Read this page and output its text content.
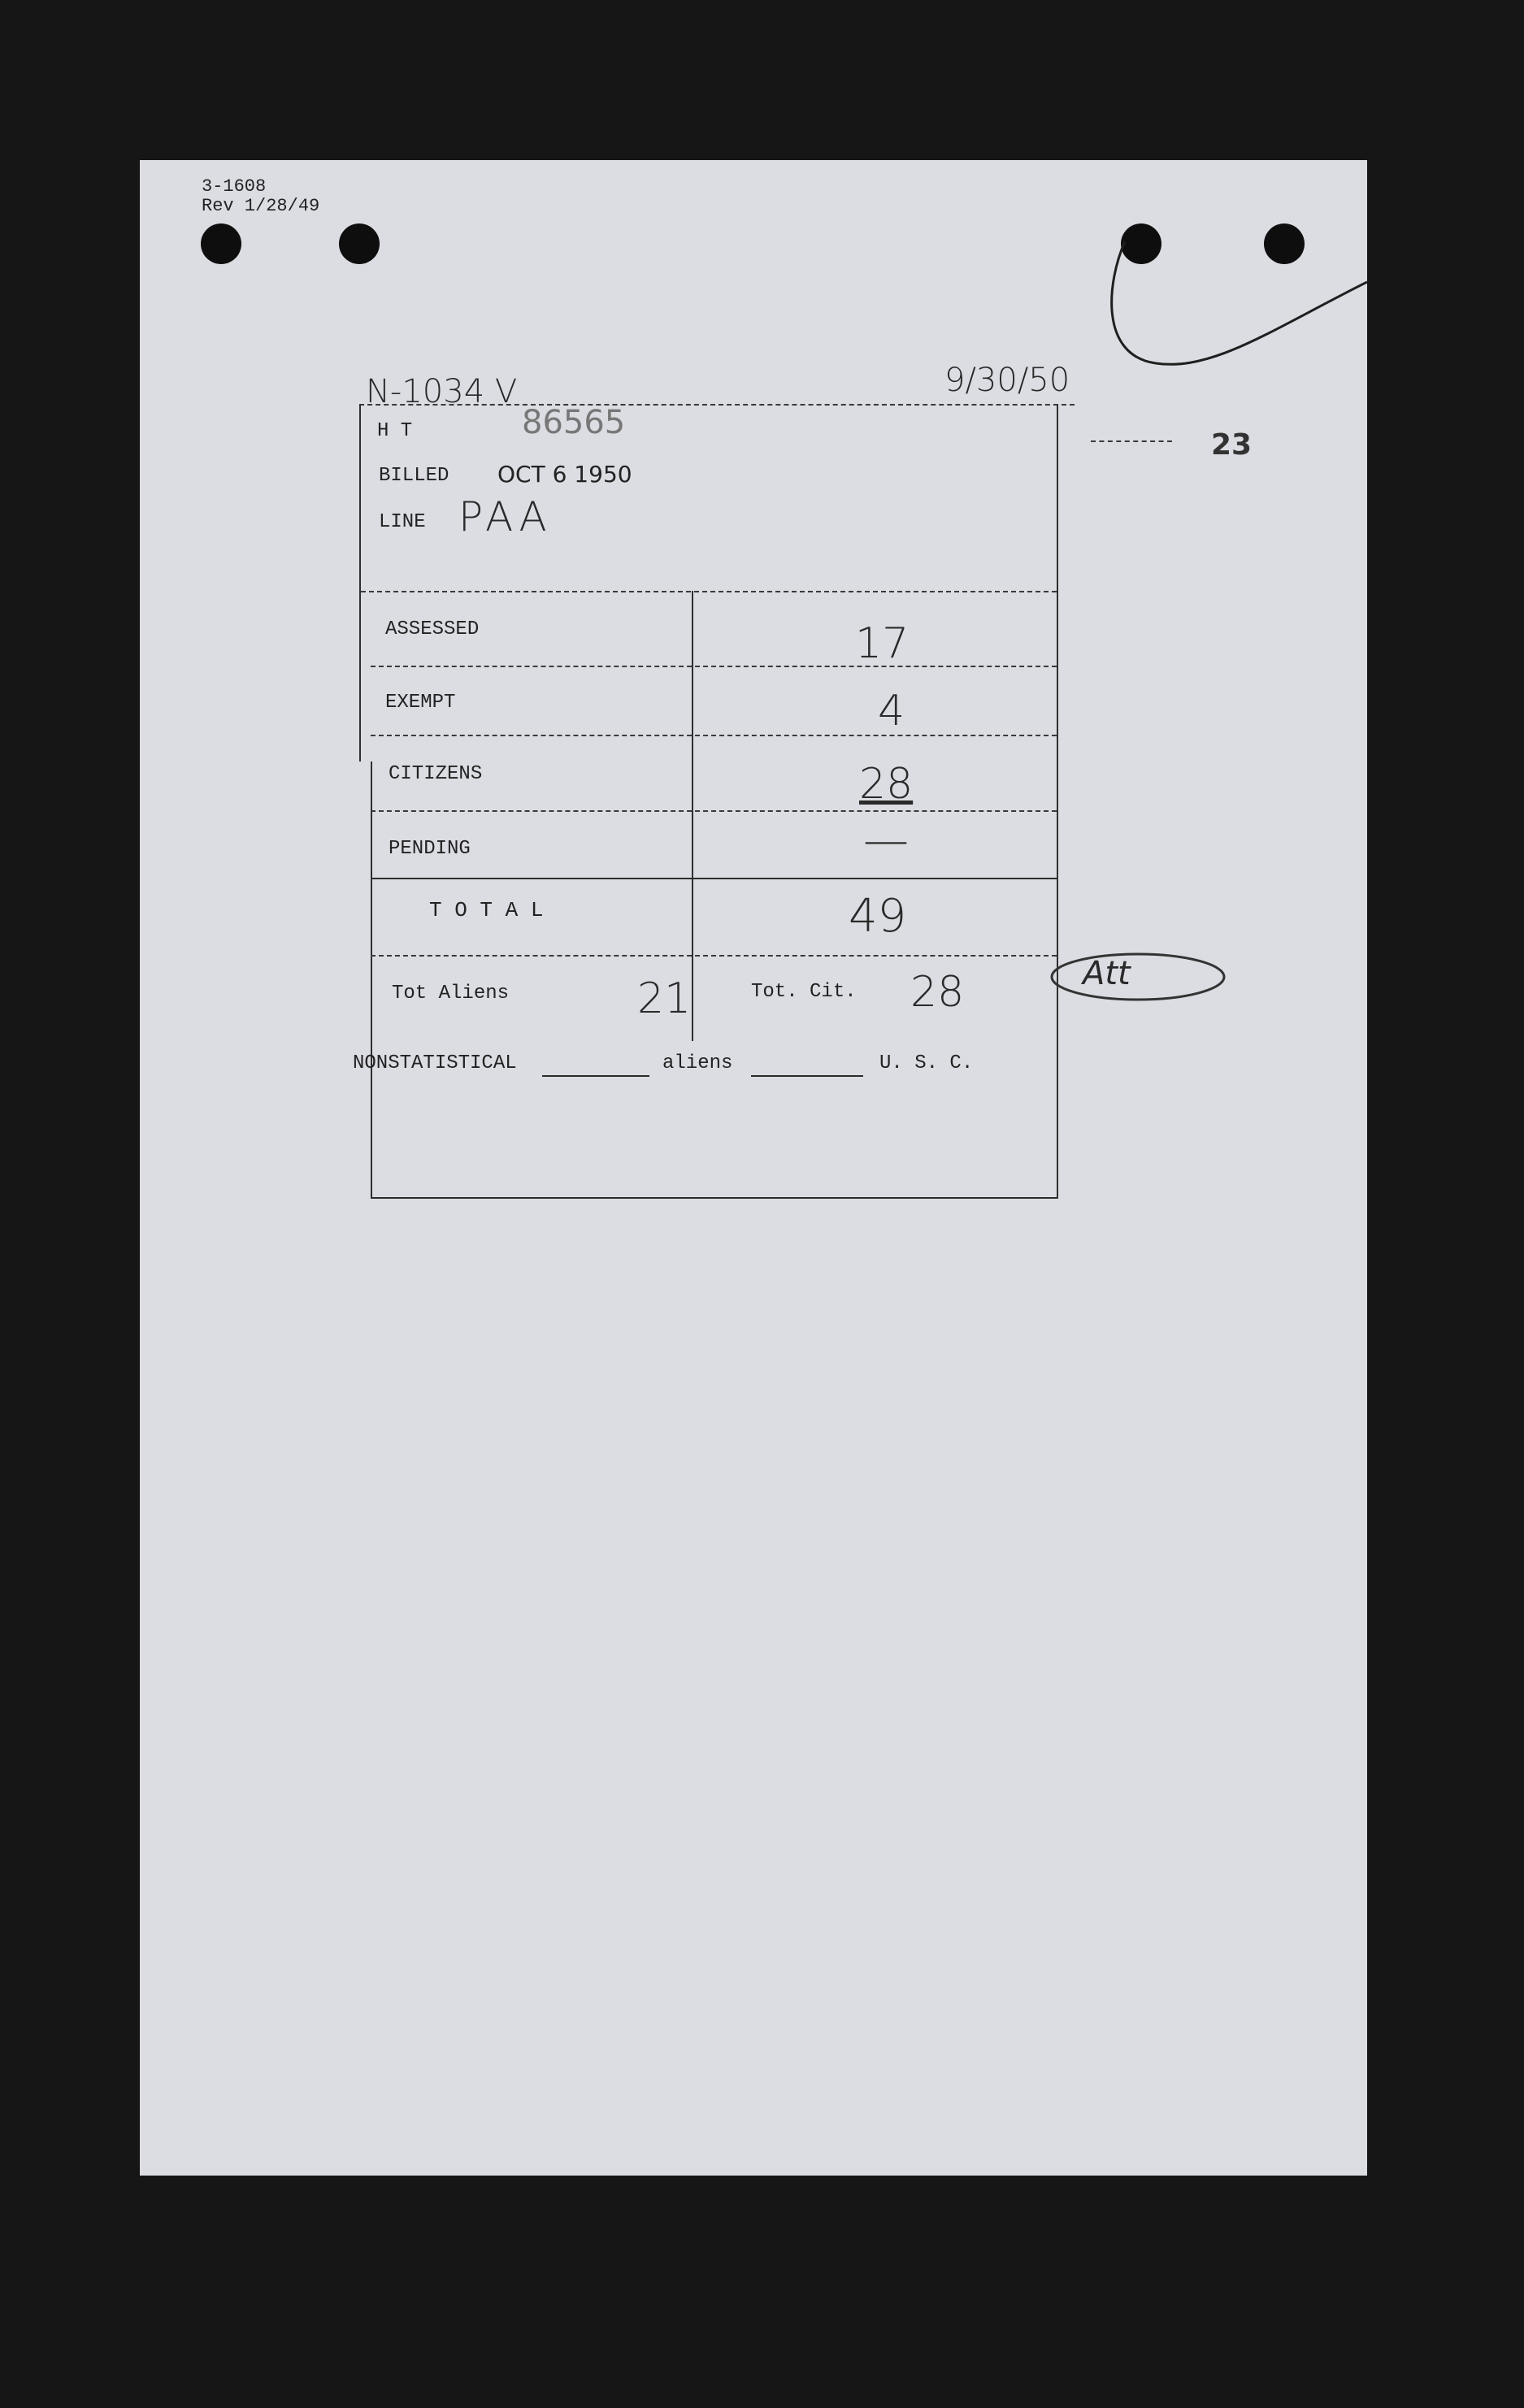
3-1608
Rev 1/28/49
N-1034 V	9/30/50
23
H T	86565
BILLED OCT 6 1950
LINE PAA
ASSESSED	17
EXEMPT	4
CITIZENS	28
PENDING	—
T O T A L	49
Tot Aliens	21	Tot. Cit. 28	Att
NONSTATISTICAL	aliens	U. S. C.
